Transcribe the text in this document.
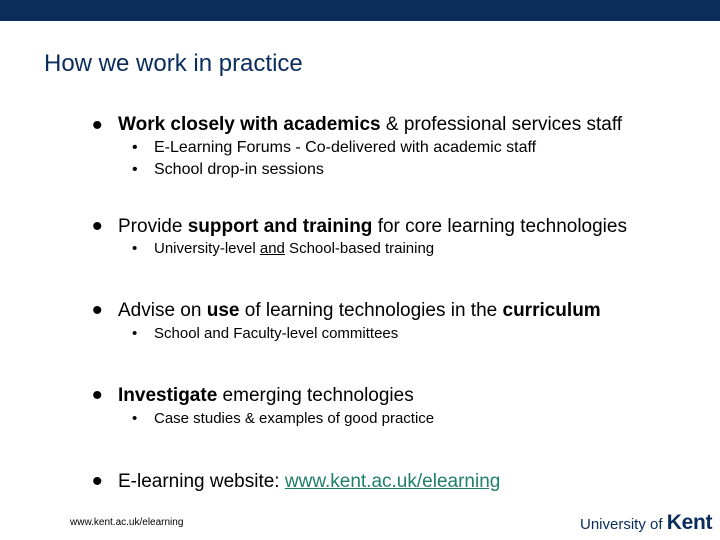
How we work in practice
• Work closely with academics & professional services staff
• E-Learning Forums - Co-delivered with academic staff
• School drop-in sessions
• Provide support and training for core learning technologies
• University-level and School-based training
• Advise on use of learning technologies in the curriculum
• School and Faculty-level committees
• Investigate emerging technologies
• Case studies & examples of good practice
• E-learning website: www.kent.ac.uk/elearning
www.kent.ac.uk/elearning	University of Kent
